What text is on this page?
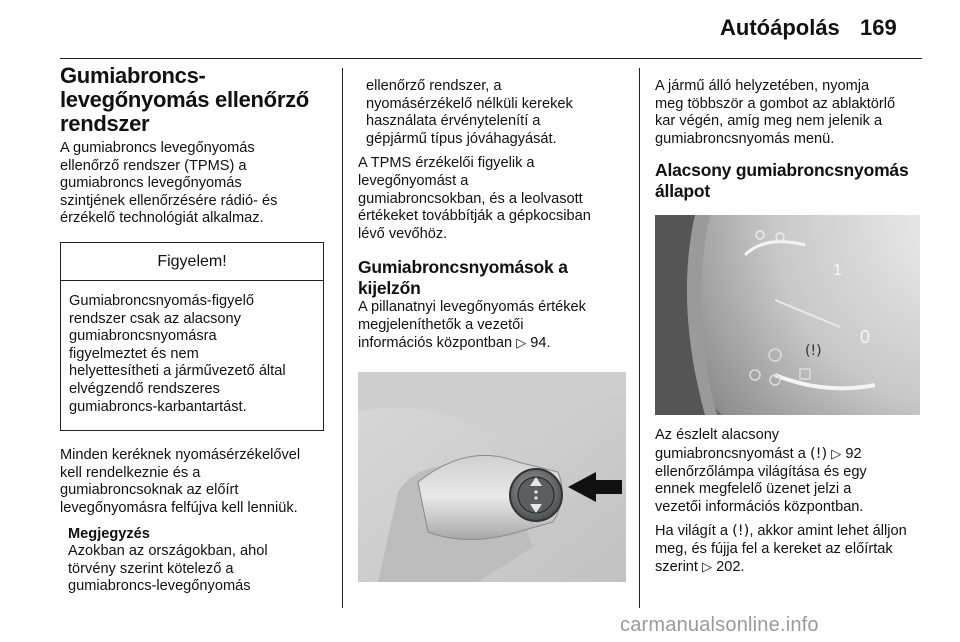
Autóápolás 169
Gumiabroncs-
levegőnyomás ellenőrző
rendszer

A gumiabroncs levegőnyomás
ellenőrző rendszer (TPMS) a
gumiabroncs levegőnyomás
szintjének ellenőrzésére rádió- és
érzékelő technológiát alkalmaz.

Figyelem!

Gumiabroncsnyomás-figyelő
rendszer csak az alacsony
gumiabroncsnyomásra
figyelmeztet és nem
helyettesítheti a járművezető által
elvégzendő rendszeres
gumiabroncs-karbantartást.

Minden keréknek nyomásérzékelővel
kell rendelkeznie és a
gumiabroncsoknak az előírt
levegőnyomásra felfújva kell lenniük.

Megjegyzés

Azokban az országokban, ahol
törvény szerint kötelező a
gumiabroncs-levegőnyomás

ellenőrző rendszer, a
nyomásérzékelő nélküli kerekek
használata érvénytelenítí a
gépjármű típus jóváhagyását.

A TPMS érzékelői figyelik a
levegőnyomást a
gumiabroncsokban, és a leolvasott
értékeket továbbítják a gépkocsiban
lévő vevőhöz.

Gumiabroncsnyomások a
kijelzőn

A pillanatnyi levegőnyomás értékek
megjeleníthetők a vezetői
információs központban ▷ 94.

A jármű álló helyzetében, nyomja
meg többször a gombot az ablaktörlő
kar végén, amíg meg nem jelenik a
gumiabroncsnyomás menü.

Alacsony gumiabroncsnyomás
állapot
1
0
(!)

Az észlelt alacsony
gumiabroncsnyomást a (!) ▷ 92
ellenőrzőlámpa világítása és egy
ennek megfelelő üzenet jelzi a
vezetői információs központban.

Ha világít a (!), akkor amint lehet álljon
meg, és fújja fel a kereket az előírtak
szerint ▷ 202.

carmanualsonline.info
